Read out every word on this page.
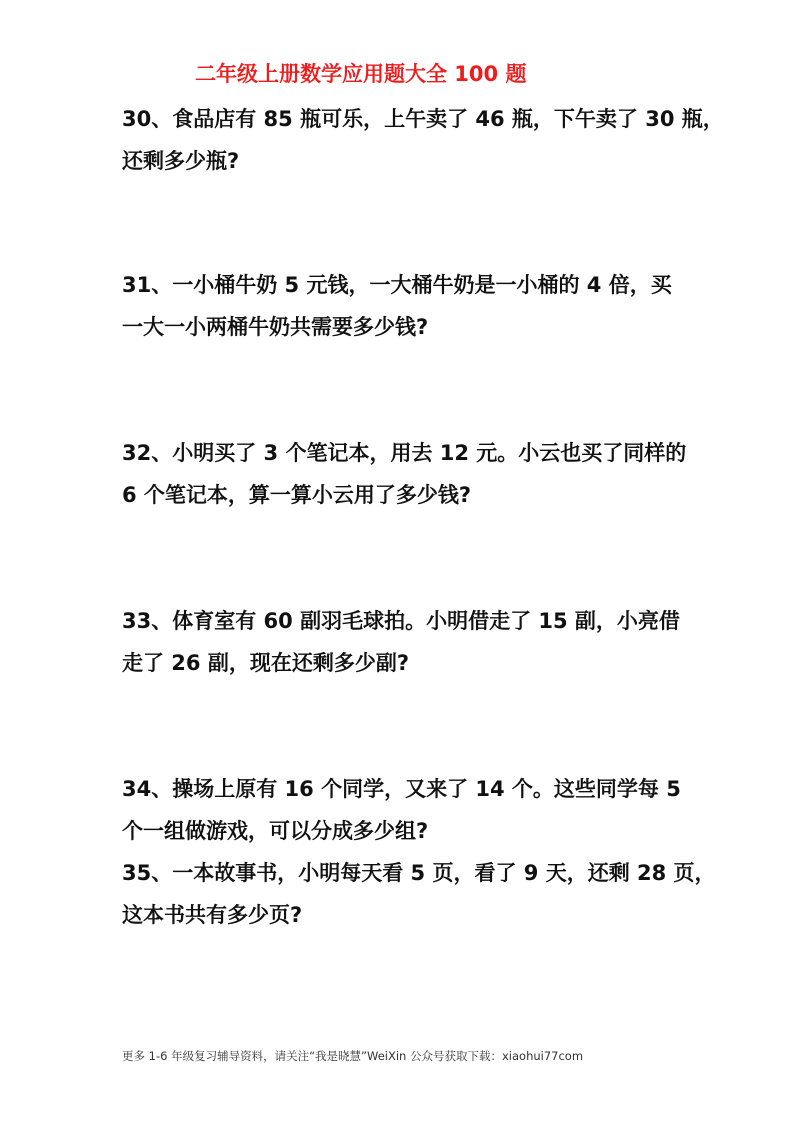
二年级上册数学应用题大全 100 题
30、食品店有 85 瓶可乐，上午卖了 46 瓶，下午卖了 30 瓶，
还剩多少瓶?
31、一小桶牛奶 5 元钱，一大桶牛奶是一小桶的 4 倍，买
一大一小两桶牛奶共需要多少钱?
32、小明买了 3 个笔记本，用去 12 元。小云也买了同样的
6 个笔记本，算一算小云用了多少钱?
33、体育室有 60 副羽毛球拍。小明借走了 15 副，小亮借
走了 26 副，现在还剩多少副?
34、操场上原有 16 个同学，又来了 14 个。这些同学每 5
个一组做游戏，可以分成多少组?
35、一本故事书，小明每天看 5 页，看了 9 天，还剩 28 页，
这本书共有多少页?
更多 1-6 年级复习辅导资料，请关注“我是晓慧”WeiXin 公众号获取下载：xiaohui77com
